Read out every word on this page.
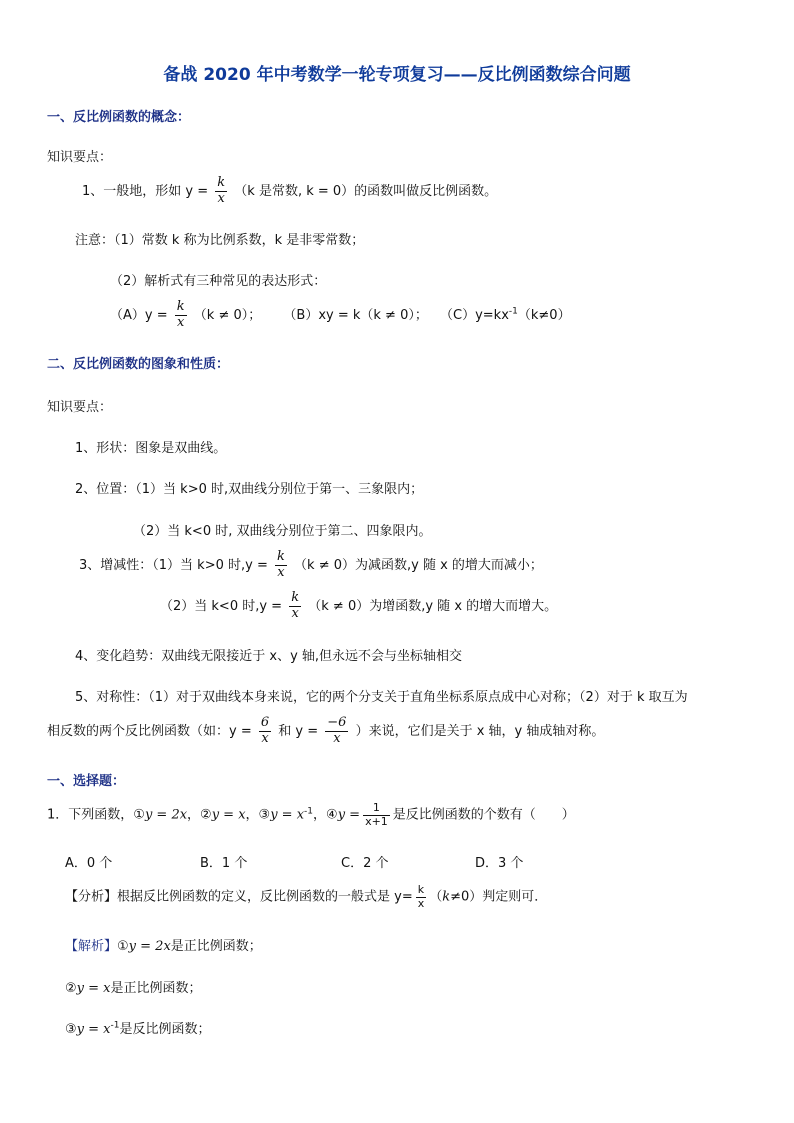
备战 2020 年中考数学一轮专项复习——反比例函数综合问题
一、反比例函数的概念：
知识要点：
1、一般地，形如 $y = \frac{k}{x} (k$ 是常数, k = 0）的函数叫做反比例函数。
注意：（1）常数 k 称为比例系数，k 是非零常数；
（2）解析式有三种常见的表达形式：
$(A)y = \frac{k}{x} (k \ne 0)$； （B）xy = k（k ≠ 0）； $(C)y=kx^{-1}(k\ne 0)$
二、反比例函数的图象和性质：
知识要点：
1、形状：图象是双曲线。
2、位置：（1）当 k>0 时,双曲线分别位于第一、三象限内；
（2）当 k<0 时, 双曲线分别位于第二、四象限内。
3、增减性：（1）当 k>0 时$,y = \frac{k}{x} (k \ne 0)$为减函数,y 随 x 的增大而减小；
（2）当 k<0 时$,y = \frac{k}{x} (k \ne 0)$为增函数,y 随 x 的增大而增大。
4、变化趋势：双曲线无限接近于 x、y 轴,但永远不会与坐标轴相交
5、对称性：（1）对于双曲线本身来说，它的两个分支关于直角坐标系原点成中心对称；（2）对于 k 取互为
相反数的两个反比例函数（如：$y = \frac{6}{x}$ 和 $y = \frac{-6}{x}$ ）来说，它们是关于 x 轴，y 轴成轴对称。
一、选择题：
1．下列函数，①y = 2x，②y = x，③y = $x^{-1}$，④y = $\frac{1}{x+1}$ 是反比例函数的个数有（　　）
A．0 个	B．1 个	C．2 个	D．3 个
【分析】根据反比例函数的定义，反比例函数的一般式是 $y= \frac{k}{x} (k\ne 0)$判定则可．
【解析】①y = 2x是正比例函数；
②y = x是正比例函数；
③y = $x^{-1}$是反比例函数；
